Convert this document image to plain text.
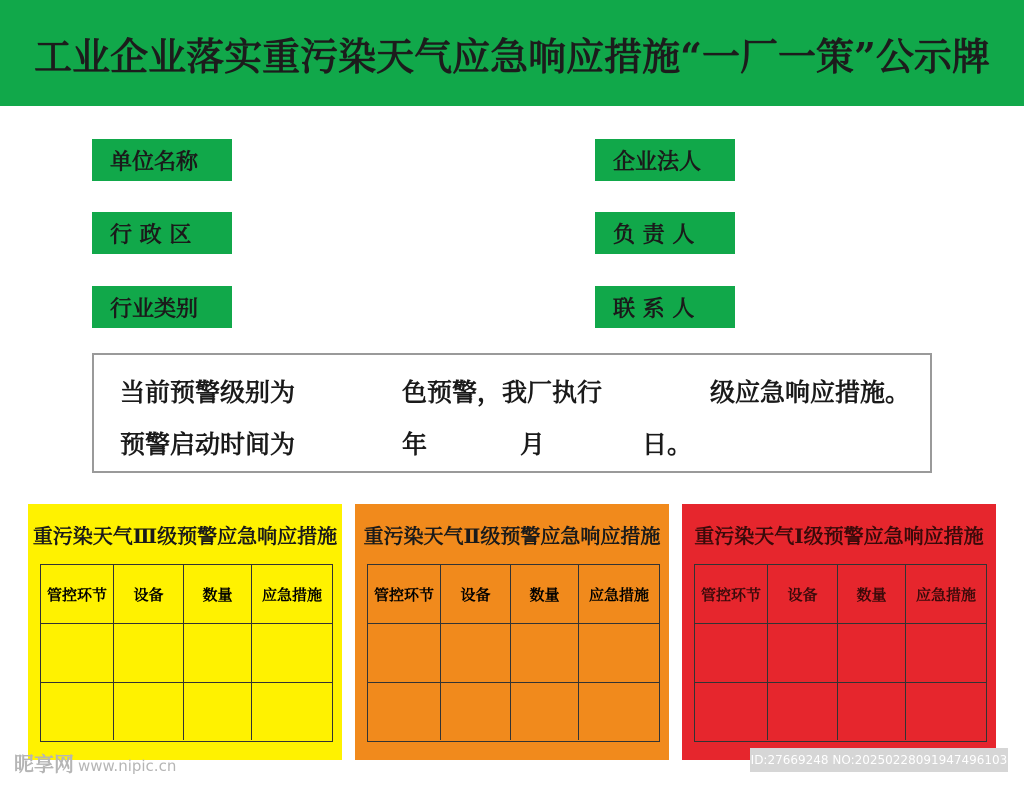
工业企业落实重污染天气应急响应措施“一厂一策”公示牌
单位名称
行 政 区
行业类别
企业法人
负 责 人
联 系 人
当前预警级别为	色预警，我厂执行	级应急响应措施。
预警启动时间为	年	月	日。
重污染天气Ⅲ级预警应急响应措施
管控环节	设备	数量	应急措施
重污染天气Ⅱ级预警应急响应措施
管控环节	设备	数量	应急措施
重污染天气Ⅰ级预警应急响应措施
管控环节	设备	数量	应急措施
昵享网 www.nipic.cn	ID:27669248 NO:20250228091947496103
